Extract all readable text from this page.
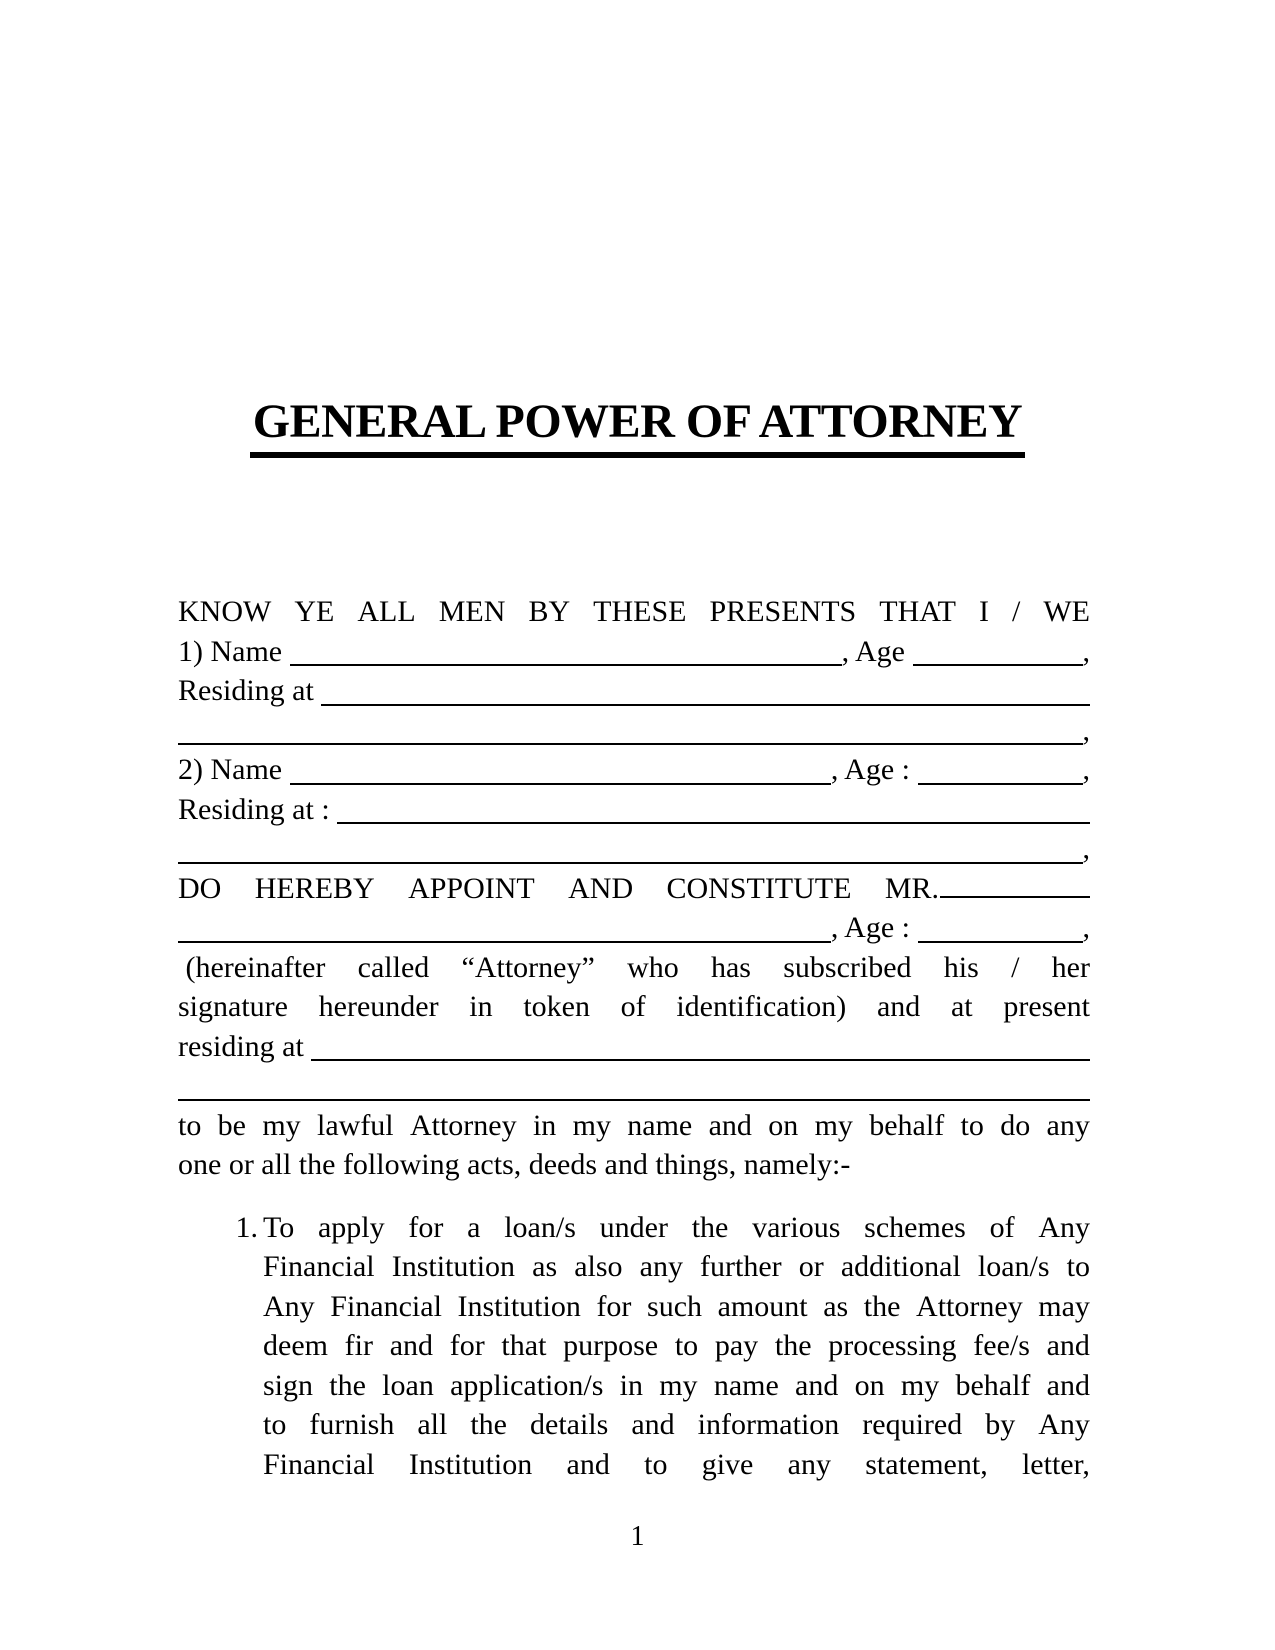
GENERAL POWER OF ATTORNEY
KNOW YE ALL MEN BY THESE PRESENTS THAT I / WE
1) Name	, Age	,
Residing at
,
2) Name	, Age :	,
Residing at :
,
DO HEREBY APPOINT AND CONSTITUTE MR.
, Age :	,
(hereinafter called “Attorney” who has subscribed his / her
signature hereunder in token of identification) and at present
residing at
to be my lawful Attorney in my name and on my behalf to do any
one or all the following acts, deeds and things, namely:-
1. To apply for a loan/s under the various schemes of Any
Financial Institution as also any further or additional loan/s to
Any Financial Institution for such amount as the Attorney may
deem fir and for that purpose to pay the processing fee/s and
sign the loan application/s in my name and on my behalf and
to furnish all the details and information required by Any
Financial Institution and to give any statement, letter,
1
